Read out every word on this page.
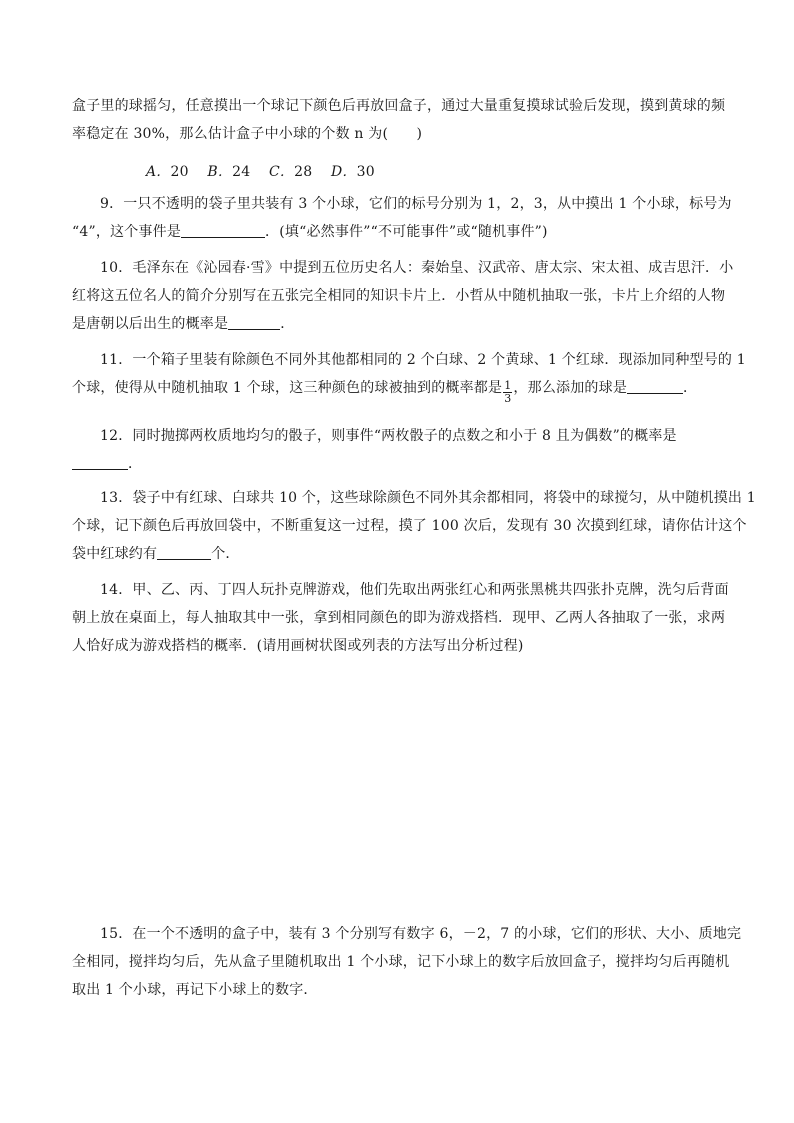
盒子里的球摇匀，任意摸出一个球记下颜色后再放回盒子，通过大量重复摸球试验后发现，摸到黄球的频
率稳定在 30%，那么估计盒子中小球的个数 n 为(　　)
A．20 B．24 C．28 D．30
9．一只不透明的袋子里共装有 3 个小球，它们的标号分别为 1，2，3，从中摸出 1 个小球，标号为
“4”，这个事件是	．(填“必然事件”“不可能事件”或“随机事件”)
10．毛泽东在《沁园春·雪》中提到五位历史名人：秦始皇、汉武帝、唐太宗、宋太祖、成吉思汗．小
红将这五位名人的简介分别写在五张完全相同的知识卡片上．小哲从中随机抽取一张，卡片上介绍的人物
是唐朝以后出生的概率是	．
11．一个箱子里装有除颜色不同外其他都相同的 2 个白球、2 个黄球、1 个红球．现添加同种型号的 1
个球，使得从中随机抽取 1 个球，这三种颜色的球被抽到的概率都是 $\frac{1}{3}$ ，那么添加的球是	．
12．同时抛掷两枚质地均匀的骰子，则事件“两枚骰子的点数之和小于 8 且为偶数”的概率是
．
13．袋子中有红球、白球共 10 个，这些球除颜色不同外其余都相同，将袋中的球搅匀，从中随机摸出 1
个球，记下颜色后再放回袋中，不断重复这一过程，摸了 100 次后，发现有 30 次摸到红球，请你估计这个
袋中红球约有	个．
14．甲、乙、丙、丁四人玩扑克牌游戏，他们先取出两张红心和两张黑桃共四张扑克牌，洗匀后背面
朝上放在桌面上，每人抽取其中一张，拿到相同颜色的即为游戏搭档．现甲、乙两人各抽取了一张，求两
人恰好成为游戏搭档的概率．(请用画树状图或列表的方法写出分析过程)
15．在一个不透明的盒子中，装有 3 个分别写有数字 6，－2，7 的小球，它们的形状、大小、质地完
全相同，搅拌均匀后，先从盒子里随机取出 1 个小球，记下小球上的数字后放回盒子，搅拌均匀后再随机
取出 1 个小球，再记下小球上的数字．
